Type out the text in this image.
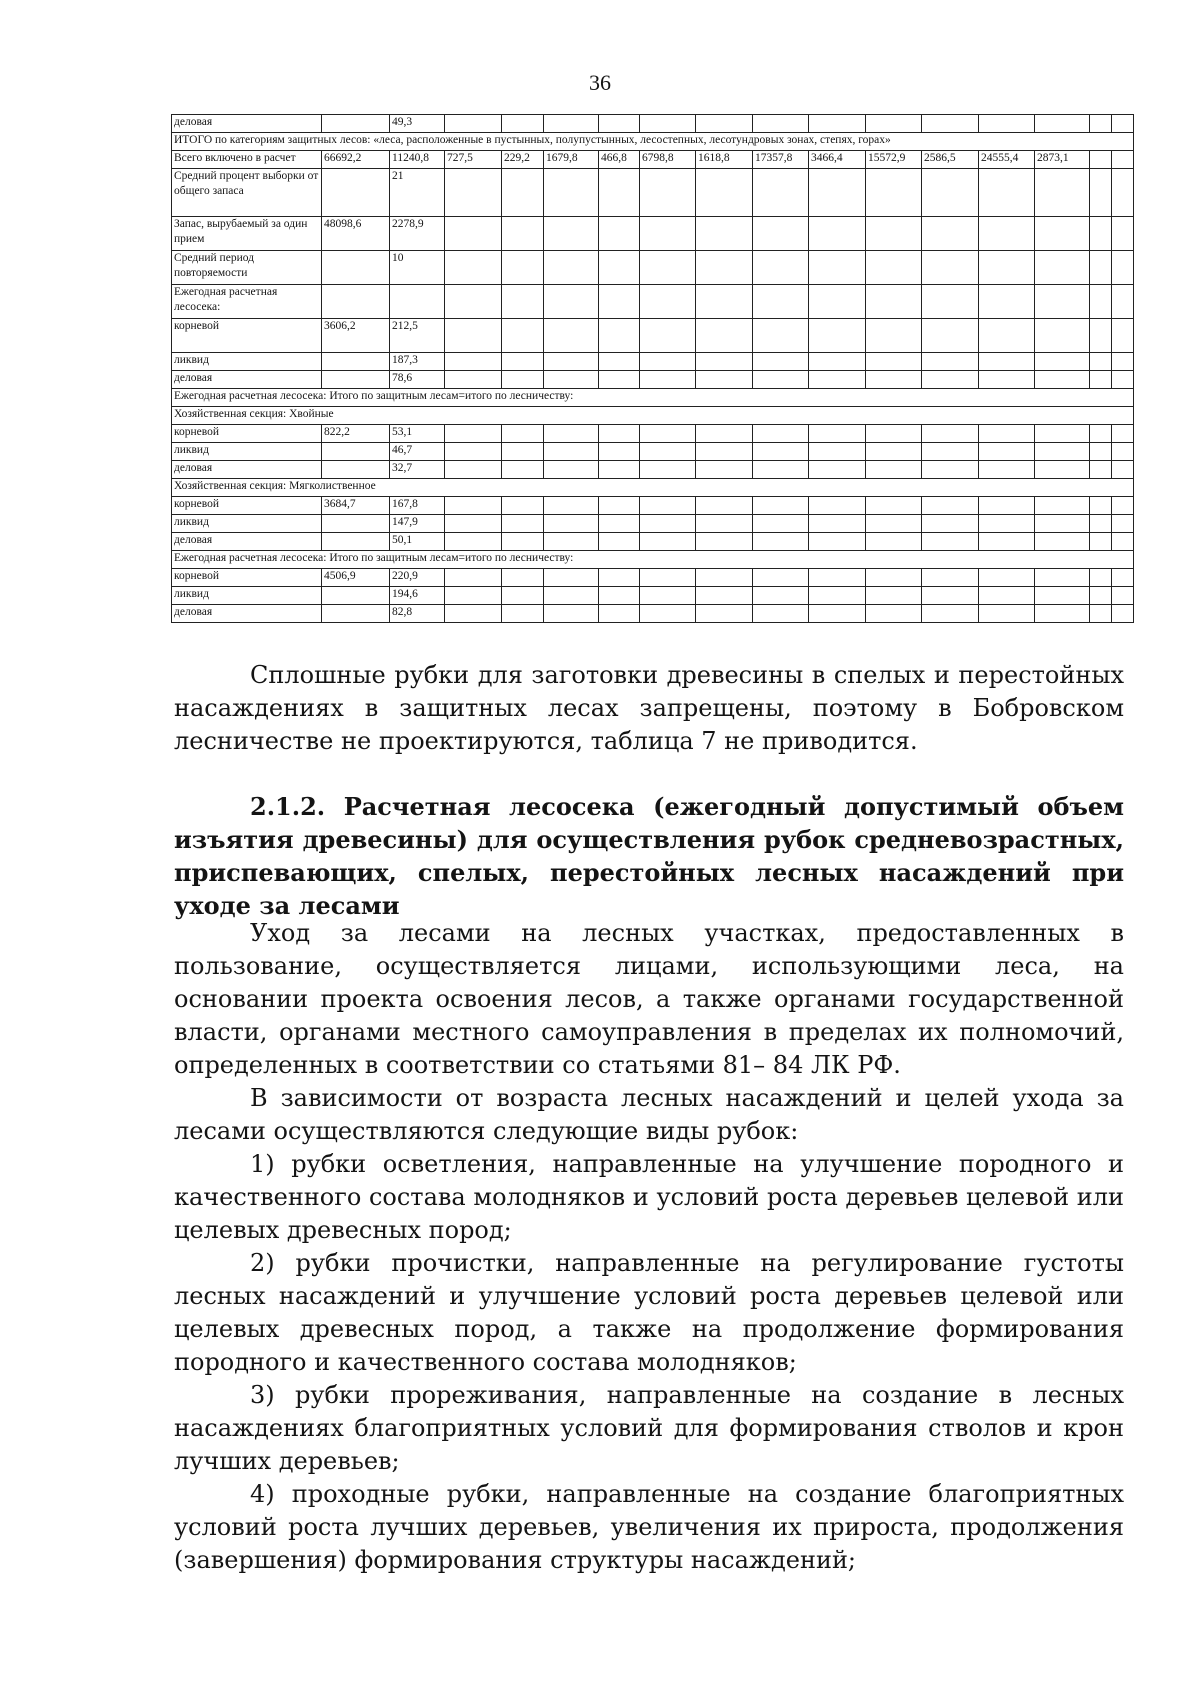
36
деловая		49,3														
ИТОГО по категориям защитных лесов: «леса, расположенные в пустынных, полупустынных, лесостепных, лесотундровых зонах, степях, горах»																
Всего включено в расчет	66692,2	11240,8	727,5	229,2	1679,8	466,8	6798,8	1618,8	17357,8	3466,4	15572,9	2586,5	24555,4	2873,1		
Средний процент выборки от общего запаса		21														
Запас, вырубаемый за один прием	48098,6	2278,9														
Средний период повторяемости		10														
Ежегодная расчетная лесосека:																
корневой	3606,2	212,5														
ликвид		187,3														
деловая		78,6														
Ежегодная расчетная лесосека: Итого по защитным лесам=итого по лесничеству:																
Хозяйственная секция: Хвойные																
корневой	822,2	53,1														
ликвид		46,7														
деловая		32,7														
Хозяйственная секция: Мягколиственное																
корневой	3684,7	167,8														
ликвид		147,9														
деловая		50,1														
Ежегодная расчетная лесосека: Итого по защитным лесам=итого по лесничеству:																
корневой	4506,9	220,9														
ликвид		194,6														
деловая		82,8														

Сплошные рубки для заготовки древесины в спелых и перестойных насаждениях в защитных лесах запрещены, поэтому в Бобровском лесничестве не проектируются, таблица 7 не приводится.

2.1.2. Расчетная лесосека (ежегодный допустимый объем изъятия древесины) для осуществления рубок средневозрастных, приспевающих, спелых, перестойных лесных насаждений при уходе за лесами

Уход за лесами на лесных участках, предоставленных в пользование, осуществляется лицами, использующими леса, на основании проекта освоения лесов, а также органами государственной власти, органами местного самоуправления в пределах их полномочий, определенных в соответствии со статьями 81– 84 ЛК РФ.

В зависимости от возраста лесных насаждений и целей ухода за лесами осуществляются следующие виды рубок:

1) рубки осветления, направленные на улучшение породного и качественного состава молодняков и условий роста деревьев целевой или целевых древесных пород;

2) рубки прочистки, направленные на регулирование густоты лесных насаждений и улучшение условий роста деревьев целевой или целевых древесных пород, а также на продолжение формирования породного и качественного состава молодняков;

3) рубки прореживания, направленные на создание в лесных насаждениях благоприятных условий для формирования стволов и крон лучших деревьев;

4) проходные рубки, направленные на создание благоприятных условий роста лучших деревьев, увеличения их прироста, продолжения (завершения) формирования структуры насаждений;
